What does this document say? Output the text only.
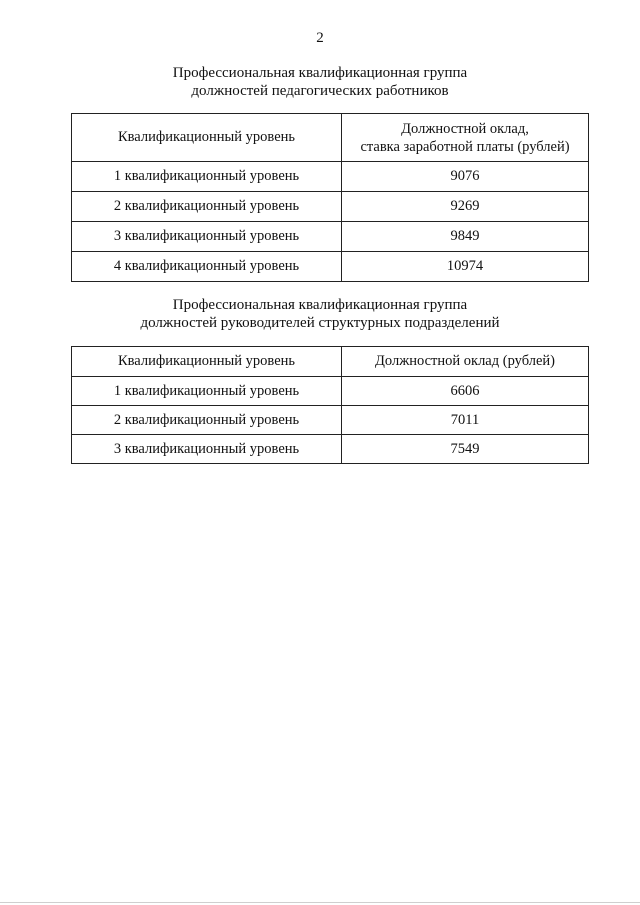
2
Профессиональная квалификационная группа
должностей педагогических работников
Квалификационный уровень	Должностной оклад,
ставка заработной платы (рублей)

1 квалификационный уровень	9076
2 квалификационный уровень	9269
3 квалификационный уровень	9849
4 квалификационный уровень	10974
Профессиональная квалификационная группа
должностей руководителей структурных подразделений
Квалификационный уровень	Должностной оклад (рублей)
1 квалификационный уровень	6606
2 квалификационный уровень	7011
3 квалификационный уровень	7549
